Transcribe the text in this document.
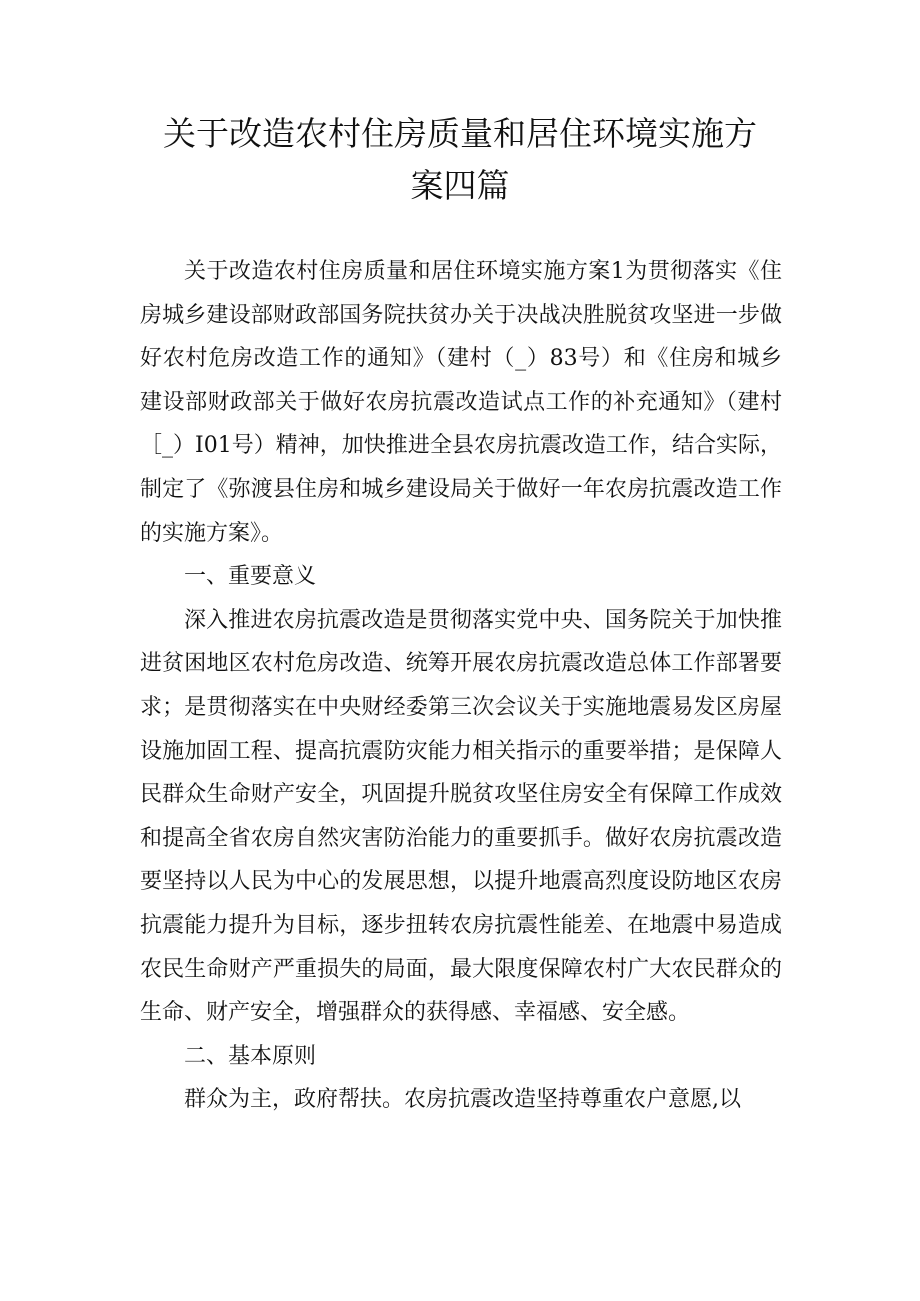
关于改造农村住房质量和居住环境实施方
案四篇

关于改造农村住房质量和居住环境实施方案1为贯彻落实《住房城乡建设部财政部国务院扶贫办关于决战决胜脱贫攻坚进一步做好农村危房改造工作的通知》（建村（_）83号）和《住房和城乡建设部财政部关于做好农房抗震改造试点工作的补充通知》（建村［_）I01号）精神，加快推进全县农房抗震改造工作，结合实际，制定了《弥渡县住房和城乡建设局关于做好一年农房抗震改造工作的实施方案》。

一、重要意义

深入推进农房抗震改造是贯彻落实党中央、国务院关于加快推进贫困地区农村危房改造、统筹开展农房抗震改造总体工作部署要求；是贯彻落实在中央财经委第三次会议关于实施地震易发区房屋设施加固工程、提高抗震防灾能力相关指示的重要举措；是保障人民群众生命财产安全，巩固提升脱贫攻坚住房安全有保障工作成效和提高全省农房自然灾害防治能力的重要抓手。做好农房抗震改造要坚持以人民为中心的发展思想，以提升地震高烈度设防地区农房抗震能力提升为目标，逐步扭转农房抗震性能差、在地震中易造成农民生命财产严重损失的局面，最大限度保障农村广大农民群众的生命、财产安全，增强群众的获得感、幸福感、安全感。

二、基本原则

群众为主，政府帮扶。农房抗震改造坚持尊重农户意愿,以
